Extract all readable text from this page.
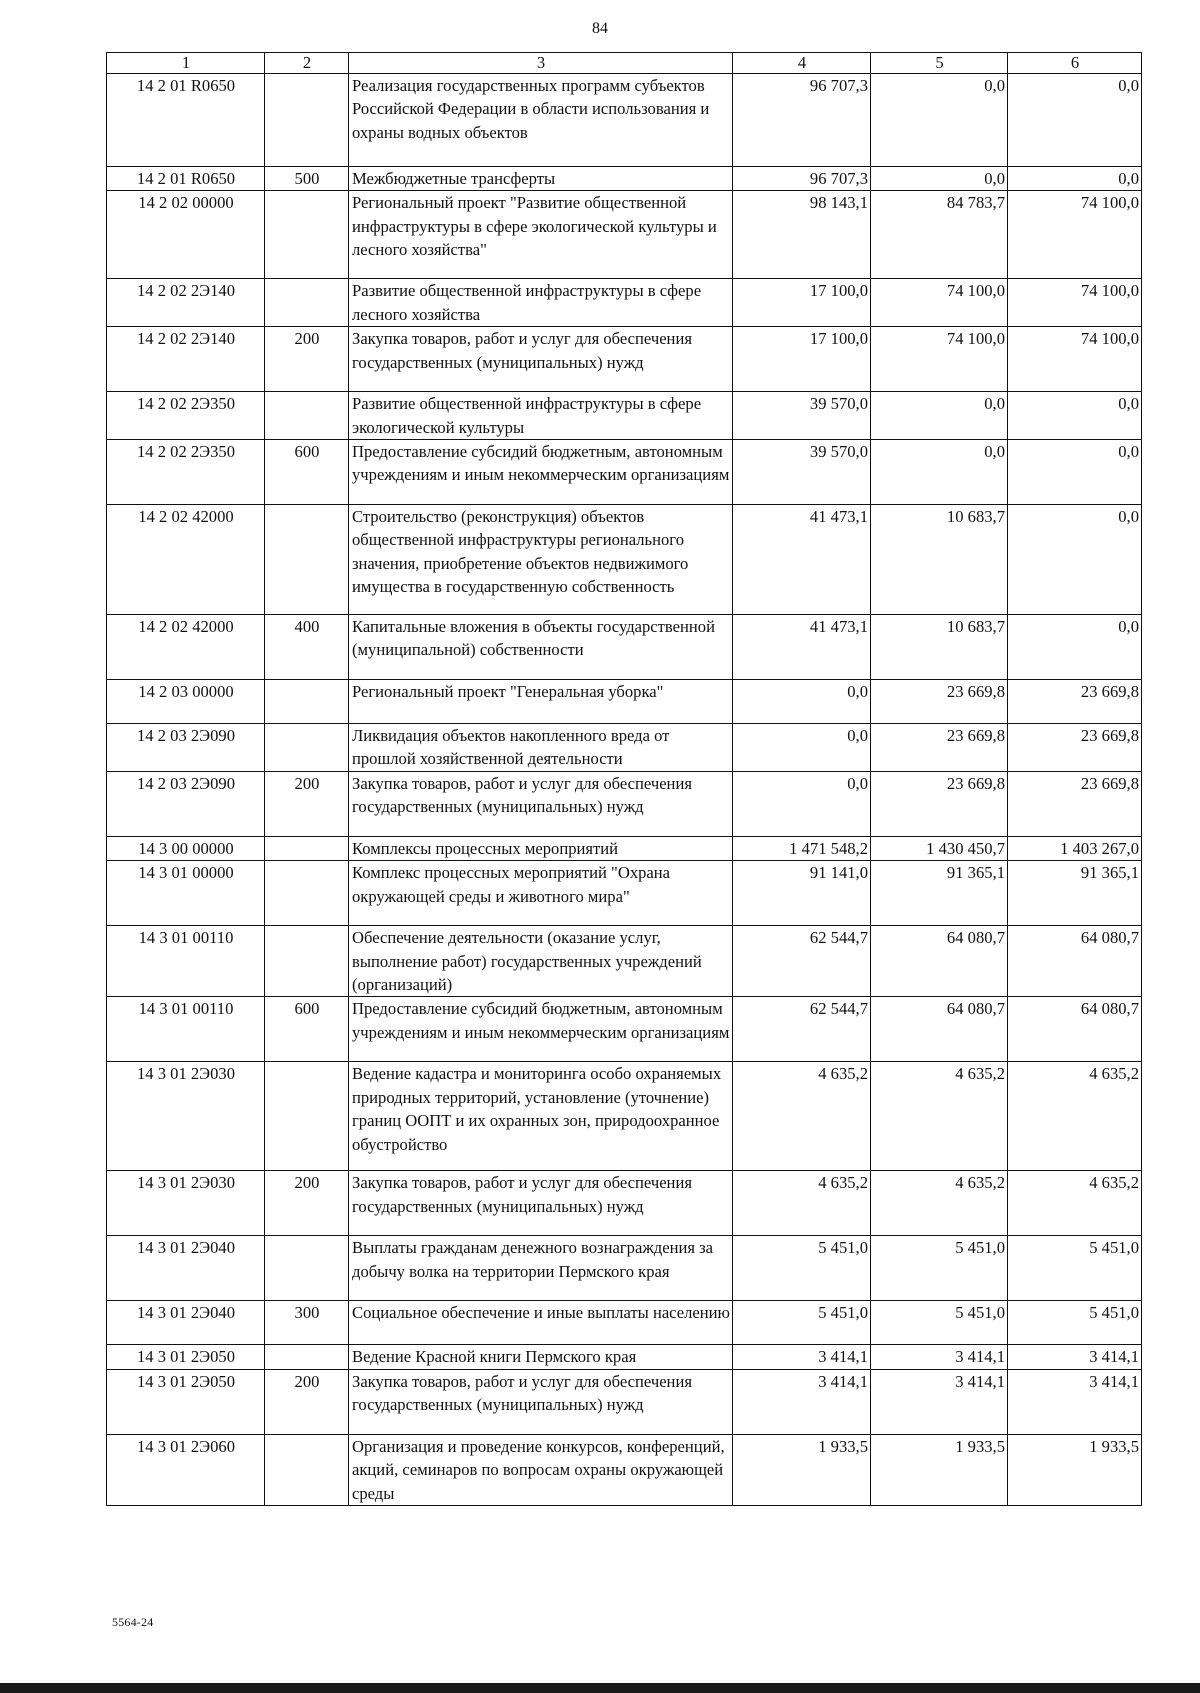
84
1	2	3	4	5	6
14 2 01 R0650		Реализация государственных программ субъектов Российской Федерации в области использования и охраны водных объектов	96 707,3	0,0	0,0
14 2 01 R0650	500	Межбюджетные трансферты	96 707,3	0,0	0,0
14 2 02 00000		Региональный проект "Развитие общественной инфраструктуры в сфере экологической культуры и лесного хозяйства"	98 143,1	84 783,7	74 100,0
14 2 02 2Э140		Развитие общественной инфраструктуры в сфере лесного хозяйства	17 100,0	74 100,0	74 100,0
14 2 02 2Э140	200	Закупка товаров, работ и услуг для обеспечения государственных (муниципальных) нужд	17 100,0	74 100,0	74 100,0
14 2 02 2Э350		Развитие общественной инфраструктуры в сфере экологической культуры	39 570,0	0,0	0,0
14 2 02 2Э350	600	Предоставление субсидий бюджетным, автономным учреждениям и иным некоммерческим организациям	39 570,0	0,0	0,0
14 2 02 42000		Строительство (реконструкция) объектов общественной инфраструктуры регионального значения, приобретение объектов недвижимого имущества в государственную собственность	41 473,1	10 683,7	0,0
14 2 02 42000	400	Капитальные вложения в объекты государственной (муниципальной) собственности	41 473,1	10 683,7	0,0
14 2 03 00000		Региональный проект "Генеральная уборка"	0,0	23 669,8	23 669,8
14 2 03 2Э090		Ликвидация объектов накопленного вреда от прошлой хозяйственной деятельности	0,0	23 669,8	23 669,8
14 2 03 2Э090	200	Закупка товаров, работ и услуг для обеспечения государственных (муниципальных) нужд	0,0	23 669,8	23 669,8
14 3 00 00000		Комплексы процессных мероприятий	1 471 548,2	1 430 450,7	1 403 267,0
14 3 01 00000		Комплекс процессных мероприятий "Охрана окружающей среды и животного мира"	91 141,0	91 365,1	91 365,1
14 3 01 00110		Обеспечение деятельности (оказание услуг, выполнение работ) государственных учреждений (организаций)	62 544,7	64 080,7	64 080,7
14 3 01 00110	600	Предоставление субсидий бюджетным, автономным учреждениям и иным некоммерческим организациям	62 544,7	64 080,7	64 080,7
14 3 01 2Э030		Ведение кадастра и мониторинга особо охраняемых природных территорий, установление (уточнение) границ ООПТ и их охранных зон, природоохранное обустройство	4 635,2	4 635,2	4 635,2
14 3 01 2Э030	200	Закупка товаров, работ и услуг для обеспечения государственных (муниципальных) нужд	4 635,2	4 635,2	4 635,2
14 3 01 2Э040		Выплаты гражданам денежного вознаграждения за добычу волка на территории Пермского края	5 451,0	5 451,0	5 451,0
14 3 01 2Э040	300	Социальное обеспечение и иные выплаты населению	5 451,0	5 451,0	5 451,0
14 3 01 2Э050		Ведение Красной книги Пермского края	3 414,1	3 414,1	3 414,1
14 3 01 2Э050	200	Закупка товаров, работ и услуг для обеспечения государственных (муниципальных) нужд	3 414,1	3 414,1	3 414,1
14 3 01 2Э060		Организация и проведение конкурсов, конференций, акций, семинаров по вопросам охраны окружающей среды	1 933,5	1 933,5	1 933,5
5564-24
